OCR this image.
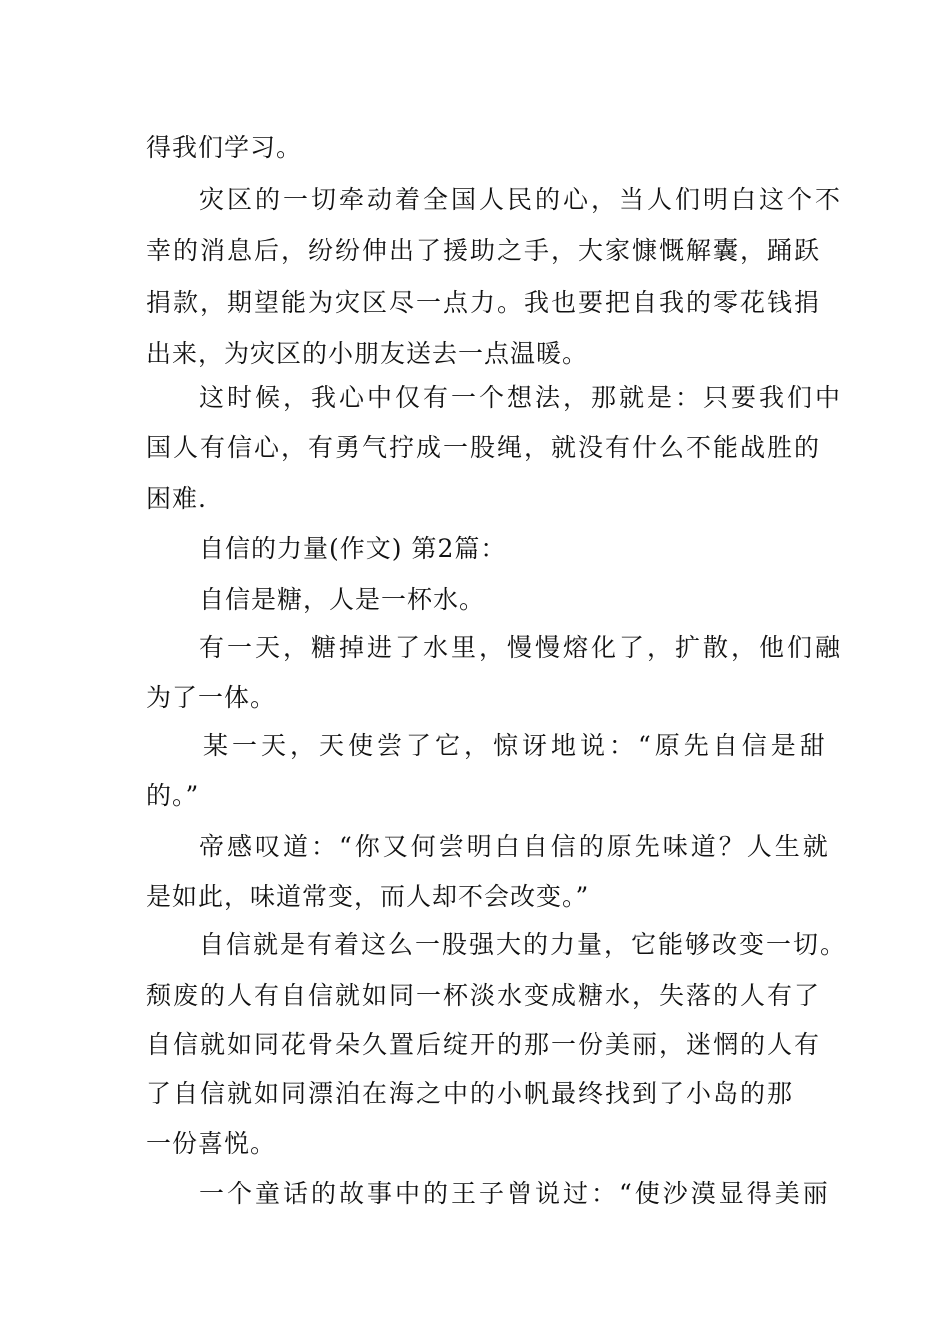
得我们学习。

灾区的一切牵动着全国人民的心，当人们明白这个不

幸的消息后，纷纷伸出了援助之手，大家慷慨解囊，踊跃

捐款，期望能为灾区尽一点力。我也要把自我的零花钱捐

出来，为灾区的小朋友送去一点温暖。

这时候，我心中仅有一个想法，那就是：只要我们中

国人有信心，有勇气拧成一股绳，就没有什么不能战胜的

困难.

自信的力量(作文) 第2篇：

自信是糖，人是一杯水。

有一天，糖掉进了水里，慢慢熔化了，扩散，他们融

为了一体。

某一天，天使尝了它，惊讶地说：“原先自信是甜

的。”

帝感叹道：“你又何尝明白自信的原先味道？人生就

是如此，味道常变，而人却不会改变。”

自信就是有着这么一股强大的力量，它能够改变一切。

颓废的人有自信就如同一杯淡水变成糖水，失落的人有了

自信就如同花骨朵久置后绽开的那一份美丽，迷惘的人有

了自信就如同漂泊在海之中的小帆最终找到了小岛的那

一份喜悦。

一个童话的故事中的王子曾说过：“使沙漠显得美丽
